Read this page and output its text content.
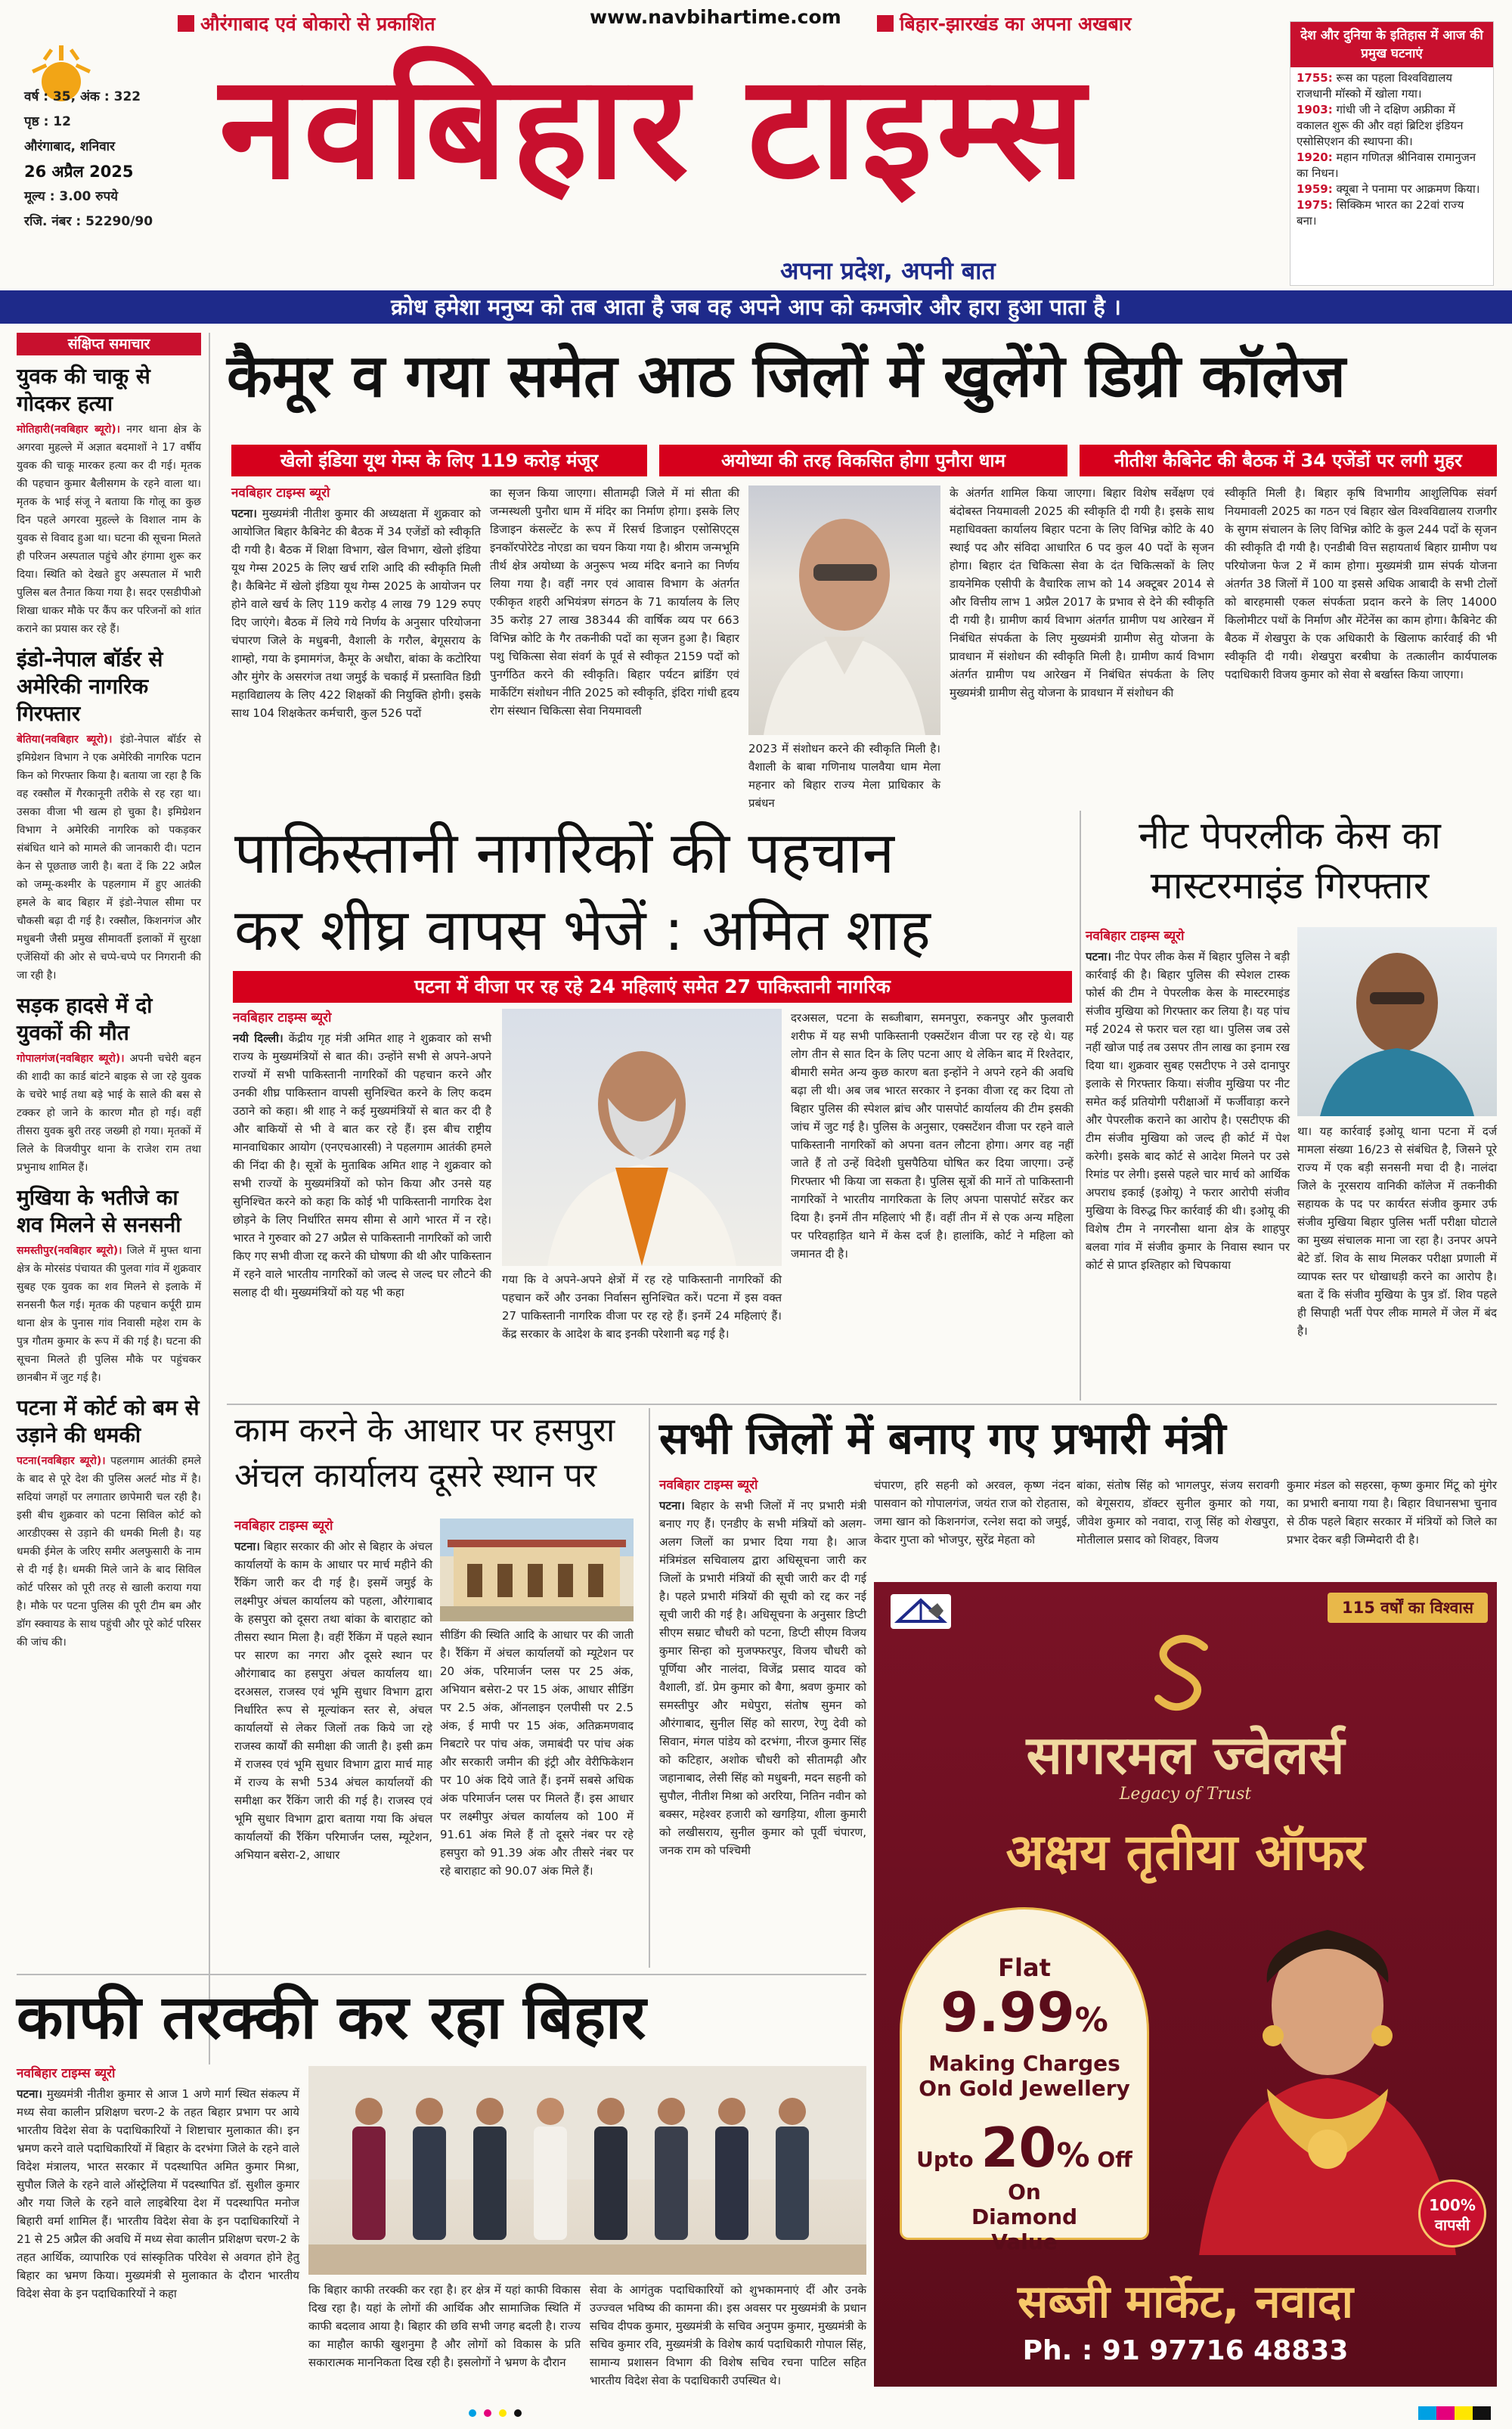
औरंगाबाद एवं बोकारो से प्रकाशित	www.navbihartime.com	बिहार-झारखंड का अपना अखबार
वर्ष : 35, अंक : 322
पृष्ठ : 12
औरंगाबाद, शनिवार
26 अप्रैल 2025
मूल्य : 3.00 रुपये
रजि. नंबर : 52290/90
नवबिहार टाइम्स
अपना प्रदेश, अपनी बात
देश और दुनिया के इतिहास में आज की प्रमुख घटनाएं
1755: रूस का पहला विश्वविद्यालय राजधानी मॉस्को में खोला गया।
1903: गांधी जी ने दक्षिण अफ्रीका में वकालत शुरू की और वहां ब्रिटिश इंडियन एसोसिएशन की स्थापना की।
1920: महान गणितज्ञ श्रीनिवास रामानुजन का निधन।
1959: क्यूबा ने पनामा पर आक्रमण किया।
1975: सिक्किम भारत का 22वां राज्य बना।
क्रोध हमेशा मनुष्य को तब आता है जब वह अपने आप को कमजोर और हारा हुआ पाता है ।
संक्षिप्त समाचार
युवक की चाकू से गोदकर हत्या
मोतिहारी(नवबिहार ब्यूरो)। नगर थाना क्षेत्र के अगरवा मुहल्ले में अज्ञात बदमाशों ने 17 वर्षीय युवक की चाकू मारकर हत्या कर दी गई। मृतक की पहचान कुमार बैलीसगम के रहने वाला था। मृतक के भाई संजू ने बताया कि गोलू का कुछ दिन पहले अगरवा मुहल्ले के विशाल नाम के युवक से विवाद हुआ था। घटना की सूचना मिलते ही परिजन अस्पताल पहुंचे और हंगामा शुरू कर दिया। स्थिति को देखते हुए अस्पताल में भारी पुलिस बल तैनात किया गया है। सदर एसडीपीओ शिखा धाकर मौके पर कैंप कर परिजनों को शांत कराने का प्रयास कर रहे हैं।
इंडो-नेपाल बॉर्डर से अमेरिकी नागरिक गिरफ्तार
बेतिया(नवबिहार ब्यूरो)। इंडो-नेपाल बॉर्डर से इमिग्रेशन विभाग ने एक अमेरिकी नागरिक पटान किन को गिरफ्तार किया है। बताया जा रहा है कि वह रक्सौल में गैरकानूनी तरीके से रह रहा था। उसका वीजा भी खत्म हो चुका है। इमिग्रेशन विभाग ने अमेरिकी नागरिक को पकड़कर संबंधित थाने को मामले की जानकारी दी। पटान केन से पूछताछ जारी है। बता दें कि 22 अप्रैल को जम्मू-कश्मीर के पहलगाम में हुए आतंकी हमले के बाद बिहार में इंडो-नेपाल सीमा पर चौकसी बढ़ा दी गई है। रक्सौल, किशनगंज और मधुबनी जैसी प्रमुख सीमावर्ती इलाकों में सुरक्षा एजेंसियों की ओर से चप्पे-चप्पे पर निगरानी की जा रही है।
सड़क हादसे में दो युवकों की मौत
गोपालगंज(नवबिहार ब्यूरो)। अपनी चचेरी बहन की शादी का कार्ड बांटने बाइक से जा रहे युवक के चचेरे भाई तथा बड़े भाई के साले की बस से टक्कर हो जाने के कारण मौत हो गई। वहीं तीसरा युवक बुरी तरह जख्मी हो गया। मृतकों में लिले के विजयीपुर थाना के राजेश राम तथा प्रभुनाथ शामिल हैं।
मुखिया के भतीजे का शव मिलने से सनसनी
समस्तीपुर(नवबिहार ब्यूरो)। जिले में मुफ्त थाना क्षेत्र के मोरसंड पंचायत की पुलवा गांव में शुक्रवार सुबह एक युवक का शव मिलने से इलाके में सनसनी फैल गई। मृतक की पहचान कर्पूरी ग्राम थाना क्षेत्र के पुनास गांव निवासी महेश राम के पुत्र गौतम कुमार के रूप में की गई है। घटना की सूचना मिलते ही पुलिस मौके पर पहुंचकर छानबीन में जुट गई है।
पटना में कोर्ट को बम से उड़ाने की धमकी
पटना(नवबिहार ब्यूरो)। पहलगाम आतंकी हमले के बाद से पूरे देश की पुलिस अलर्ट मोड में है। सदियां जगहों पर लगातार छापेमारी चल रही है। इसी बीच शुक्रवार को पटना सिविल कोर्ट को आरडीएक्स से उड़ाने की धमकी मिली है। यह धमकी ईमेल के जरिए समीर अलफुसारी के नाम से दी गई है। धमकी मिले जाने के बाद सिविल कोर्ट परिसर को पूरी तरह से खाली कराया गया है। मौके पर पटना पुलिस की पूरी टीम बम और डॉग स्क्वायड के साथ पहुंची और पूरे कोर्ट परिसर की जांच की।
कैमूर व गया समेत आठ जिलों में खुलेंगे डिग्री कॉलेज
खेलो इंडिया यूथ गेम्स के लिए 119 करोड़ मंजूर	अयोध्या की तरह विकसित होगा पुनौरा धाम	नीतीश कैबिनेट की बैठक में 34 एजेंडों पर लगी मुहर
नवबिहार टाइम्स ब्यूरो
पटना। मुख्यमंत्री नीतीश कुमार की अध्यक्षता में शुक्रवार को आयोजित बिहार कैबिनेट की बैठक में 34 एजेंडों को स्वीकृति दी गयी है। बैठक में शिक्षा विभाग, खेल विभाग, खेलो इंडिया यूथ गेम्स 2025 के लिए खर्च राशि आदि की स्वीकृति मिली है। कैबिनेट में खेलो इंडिया यूथ गेम्स 2025 के आयोजन पर होने वाले खर्च के लिए 119 करोड़ 4 लाख 79 129 रुपए दिए जाएंगे। बैठक में लिये गये निर्णय के अनुसार परियोजना चंपारण जिले के मधुबनी, वैशाली के गरौल, बेगूसराय के शाम्हो, गया के इमामगंज, कैमूर के अधौरा, बांका के कटोरिया और मुंगेर के असरगंज तथा जमुई के चकाई में प्रस्तावित डिग्री महाविद्यालय के लिए 422 शिक्षकों की नियुक्ति होगी। इसके साथ 104 शिक्षकेतर कर्मचारी, कुल 526 पदों
का सृजन किया जाएगा। सीतामढ़ी जिले में मां सीता की जन्मस्थली पुनौरा धाम में मंदिर का निर्माण होगा। इसके लिए डिजाइन कंसल्टेंट के रूप में रिसर्च डिजाइन एसोसिएट्स इनकॉरपोरेटेड नोएडा का चयन किया गया है। श्रीराम जन्मभूमि तीर्थ क्षेत्र अयोध्या के अनुरूप भव्य मंदिर बनाने का निर्णय लिया गया है। वहीं नगर एवं आवास विभाग के अंतर्गत एकीकृत शहरी अभियंत्रण संगठन के 71 कार्यालय के लिए 35 करोड़ 27 लाख 38344 की वार्षिक व्यय पर 663 विभिन्न कोटि के गैर तकनीकी पदों का सृजन हुआ है। बिहार पशु चिकित्सा सेवा संवर्ग के पूर्व से स्वीकृत 2159 पदों को पुनर्गठित करने की स्वीकृति। बिहार पर्यटन ब्रांडिंग एवं मार्केटिंग संशोधन नीति 2025 को स्वीकृति, इंदिरा गांधी हृदय रोग संस्थान चिकित्सा सेवा नियमावली
2023 में संशोधन करने की स्वीकृति मिली है। वैशाली के बाबा गणिनाथ पालवैया धाम मेला महनार को बिहार राज्य मेला प्राधिकार के प्रबंधन
के अंतर्गत शामिल किया जाएगा। बिहार विशेष सर्वेक्षण एवं बंदोबस्त नियमावली 2025 की स्वीकृति दी गयी है। इसके साथ महाधिवक्ता कार्यालय बिहार पटना के लिए विभिन्न कोटि के 40 स्थाई पद और संविदा आधारित 6 पद कुल 40 पदों के सृजन होगा। बिहार दंत चिकित्सा सेवा के दंत चिकित्सकों के लिए डायनेमिक एसीपी के वैचारिक लाभ को 14 अक्टूबर 2014 से और वित्तीय लाभ 1 अप्रैल 2017 के प्रभाव से देने की स्वीकृति दी गयी है। ग्रामीण कार्य विभाग अंतर्गत ग्रामीण पथ आरेखन में निबंधित संपर्कता के लिए मुख्यमंत्री ग्रामीण सेतु योजना के प्रावधान में संशोधन की स्वीकृति मिली है। ग्रामीण कार्य विभाग अंतर्गत ग्रामीण पथ आरेखन में निबंधित संपर्कता के लिए मुख्यमंत्री ग्रामीण सेतु योजना के प्रावधान में संशोधन की
स्वीकृति मिली है। बिहार कृषि विभागीय आशुलिपिक संवर्ग नियमावली 2025 का गठन एवं बिहार खेल विश्वविद्यालय राजगीर के सुगम संचालन के लिए विभिन्न कोटि के कुल 244 पदों के सृजन की स्वीकृति दी गयी है। एनडीबी वित्त सहायतार्थ बिहार ग्रामीण पथ परियोजना फेज 2 में काम होगा। मुख्यमंत्री ग्राम संपर्क योजना अंतर्गत 38 जिलों में 100 या इससे अधिक आबादी के सभी टोलों को बारहमासी एकल संपर्कता प्रदान करने के लिए 14000 किलोमीटर पथों के निर्माण और मेंटेनेंस का काम होगा। कैबिनेट की बैठक में शेखपुरा के एक अधिकारी के खिलाफ कार्रवाई की भी स्वीकृति दी गयी। शेखपुरा बरबीघा के तत्कालीन कार्यपालक पदाधिकारी विजय कुमार को सेवा से बर्खास्त किया जाएगा।
पाकिस्तानी नागरिकों की पहचान
कर शीघ्र वापस भेजें : अमित शाह
पटना में वीजा पर रह रहे 24 महिलाएं समेत 27 पाकिस्तानी नागरिक
नवबिहार टाइम्स ब्यूरो
नयी दिल्ली। केंद्रीय गृह मंत्री अमित शाह ने शुक्रवार को सभी राज्य के मुख्यमंत्रियों से बात की। उन्होंने सभी से अपने-अपने राज्यों में सभी पाकिस्तानी नागरिकों की पहचान करने और उनकी शीघ्र पाकिस्तान वापसी सुनिश्चित करने के लिए कदम उठाने को कहा। श्री शाह ने कई मुख्यमंत्रियों से बात कर दी है और बाकियों से भी वे बात कर रहे हैं। इस बीच राष्ट्रीय मानवाधिकार आयोग (एनएचआरसी) ने पहलगाम आतंकी हमले की निंदा की है। सूत्रों के मुताबिक अमित शाह ने शुक्रवार को सभी राज्यों के मुख्यमंत्रियों को फोन किया और उनसे यह सुनिश्चित करने को कहा कि कोई भी पाकिस्तानी नागरिक देश छोड़ने के लिए निर्धारित समय सीमा से आगे भारत में न रहे। भारत ने गुरुवार को 27 अप्रैल से पाकिस्तानी नागरिकों को जारी किए गए सभी वीजा रद्द करने की घोषणा की थी और पाकिस्तान में रहने वाले भारतीय नागरिकों को जल्द से जल्द घर लौटने की सलाह दी थी। मुख्यमंत्रियों को यह भी कहा
गया कि वे अपने-अपने क्षेत्रों में रह रहे पाकिस्तानी नागरिकों की पहचान करें और उनका निर्वासन सुनिश्चित करें। पटना में इस वक्त 27 पाकिस्तानी नागरिक वीजा पर रह रहे हैं। इनमें 24 महिलाएं हैं। केंद्र सरकार के आदेश के बाद इनकी परेशानी बढ़ गई है।
दरअसल, पटना के सब्जीबाग, समनपुरा, रुकनपुर और फुलवारी शरीफ में यह सभी पाकिस्तानी एक्सटेंशन वीजा पर रह रहे थे। यह लोग तीन से सात दिन के लिए पटना आए थे लेकिन बाद में रिश्तेदार, बीमारी समेत अन्य कुछ कारण बता इन्होंने ने अपने रहने की अवधि बढ़ा ली थी। अब जब भारत सरकार ने इनका वीजा रद्द कर दिया तो बिहार पुलिस की स्पेशल ब्रांच और पासपोर्ट कार्यालय की टीम इसकी जांच में जुट गई है। पुलिस के अनुसार, एक्सटेंशन वीजा पर रहने वाले पाकिस्तानी नागरिकों को अपना वतन लौटना होगा। अगर वह नहीं जाते हैं तो उन्हें विदेशी घुसपैठिया घोषित कर दिया जाएगा। उन्हें गिरफ्तार भी किया जा सकता है। पुलिस सूत्रों की मानें तो पाकिस्तानी नागरिकों ने भारतीय नागरिकता के लिए अपना पासपोर्ट सरेंडर कर दिया है। इनमें तीन महिलाएं भी हैं। वहीं तीन में से एक अन्य महिला पर परिवहाड़ित थाने में केस दर्ज है। हालांकि, कोर्ट ने महिला को जमानत दी है।
नीट पेपरलीक केस का मास्टरमाइंड गिरफ्तार
नवबिहार टाइम्स ब्यूरो
पटना। नीट पेपर लीक केस में बिहार पुलिस ने बड़ी कार्रवाई की है। बिहार पुलिस की स्पेशल टास्क फोर्स की टीम ने पेपरलीक केस के मास्टरमाइंड संजीव मुखिया को गिरफ्तार कर लिया है। यह पांच मई 2024 से फरार चल रहा था। पुलिस जब उसे नहीं खोज पाई तब उसपर तीन लाख का इनाम रख दिया था। शुक्रवार सुबह एसटीएफ ने उसे दानापुर इलाके से गिरफ्तार किया। संजीव मुखिया पर नीट समेत कई प्रतियोगी परीक्षाओं में फर्जीवाड़ा करने और पेपरलीक कराने का आरोप है। एसटीएफ की टीम संजीव मुखिया को जल्द ही कोर्ट में पेश करेगी। इसके बाद कोर्ट से आदेश मिलने पर उसे रिमांड पर लेगी। इससे पहले चार मार्च को आर्थिक अपराध इकाई (इओयू) ने फरार आरोपी संजीव मुखिया के विरुद्ध फिर कार्रवाई की थी। इओयू की विशेष टीम ने नगरनौसा थाना क्षेत्र के शाहपुर बलवा गांव में संजीव कुमार के निवास स्थान पर कोर्ट से प्राप्त इश्तिहार को चिपकाया
था। यह कार्रवाई इओयू थाना पटना में दर्ज मामला संख्या 16/23 से संबंधित है, जिसने पूरे राज्य में एक बड़ी सनसनी मचा दी है। नालंदा जिले के नूरसराय वानिकी कॉलेज में तकनीकी सहायक के पद पर कार्यरत संजीव कुमार उर्फ संजीव मुखिया बिहार पुलिस भर्ती परीक्षा घोटाले का मुख्य संचालक माना जा रहा है। उनपर अपने बेटे डॉ. शिव के साथ मिलकर परीक्षा प्रणाली में व्यापक स्तर पर धोखाधड़ी करने का आरोप है। बता दें कि संजीव मुखिया के पुत्र डॉ. शिव पहले ही सिपाही भर्ती पेपर लीक मामले में जेल में बंद है।
काम करने के आधार पर हसपुरा अंचल कार्यालय दूसरे स्थान पर
नवबिहार टाइम्स ब्यूरो
पटना। बिहार सरकार की ओर से बिहार के अंचल कार्यालयों के काम के आधार पर मार्च महीने की रैंकिंग जारी कर दी गई है। इसमें जमुई के लक्ष्मीपुर अंचल कार्यालय को पहला, औरंगाबाद के हसपुरा को दूसरा तथा बांका के बाराहाट को तीसरा स्थान मिला है। वहीं रैंकिंग में पहले स्थान पर सारण का नगरा और दूसरे स्थान पर औरंगाबाद का हसपुरा अंचल कार्यालय था। दरअसल, राजस्व एवं भूमि सुधार विभाग द्वारा निर्धारित रूप से मूल्यांकन स्तर से, अंचल कार्यालयों से लेकर जिलों तक किये जा रहे राजस्व कार्यों की समीक्षा की जाती है। इसी क्रम में राजस्व एवं भूमि सुधार विभाग द्वारा मार्च माह में राज्य के सभी 534 अंचल कार्यालयों की समीक्षा कर रैंकिंग जारी की गई है। राजस्व एवं भूमि सुधार विभाग द्वारा बताया गया कि अंचल कार्यालयों की रैंकिंग परिमार्जन प्लस, म्यूटेशन, अभियान बसेरा-2, आधार
सीडिंग की स्थिति आदि के आधार पर की जाती है। रैंकिंग में अंचल कार्यालयों को म्यूटेशन पर 20 अंक, परिमार्जन प्लस पर 25 अंक, अभियान बसेरा-2 पर 15 अंक, आधार सीडिंग पर 2.5 अंक, ऑनलाइन एलपीसी पर 2.5 अंक, ई मापी पर 15 अंक, अतिक्रमणवाद निबटारे पर पांच अंक, जमाबंदी पर पांच अंक और सरकारी जमीन की इंट्री और वेरीफिकेशन पर 10 अंक दिये जाते हैं। इनमें सबसे अधिक अंक परिमार्जन प्लस पर मिलते हैं। इस आधार पर लक्ष्मीपुर अंचल कार्यालय को 100 में 91.61 अंक मिले हैं तो दूसरे नंबर पर रहे हसपुरा को 91.39 अंक और तीसरे नंबर पर रहे बाराहाट को 90.07 अंक मिले हैं।
सभी जिलों में बनाए गए प्रभारी मंत्री
नवबिहार टाइम्स ब्यूरो
पटना। बिहार के सभी जिलों में नए प्रभारी मंत्री बनाए गए हैं। एनडीए के सभी मंत्रियों को अलग-अलग जिलों का प्रभार दिया गया है। आज मंत्रिमंडल सचिवालय द्वारा अधिसूचना जारी कर जिलों के प्रभारी मंत्रियों की सूची जारी कर दी गई है। पहले प्रभारी मंत्रियों की सूची को रद्द कर नई सूची जारी की गई है। अधिसूचना के अनुसार डिप्टी सीएम सम्राट चौधरी को पटना, डिप्टी सीएम विजय कुमार सिन्हा को मुजफ्फरपुर, विजय चौधरी को पूर्णिया और नालंदा, विजेंद्र प्रसाद यादव को वैशाली, डॉ. प्रेम कुमार को बैगा, श्रवण कुमार को समस्तीपुर और मधेपुरा, संतोष सुमन को औरंगाबाद, सुनील सिंह को सारण, रेणु देवी को सिवान, मंगल पांडेय को दरभंगा, नीरज कुमार सिंह को कटिहार, अशोक चौधरी को सीतामढ़ी और जहानाबाद, लेसी सिंह को मधुबनी, मदन सहनी को सुपौल, नीतीश मिश्रा को अररिया, नितिन नवीन को बक्सर, महेश्वर हजारी को खगड़िया, शीला कुमारी को लखीसराय, सुनील कुमार को पूर्वी चंपारण, जनक राम को पश्चिमी
चंपारण, हरि सहनी को अरवल, कृष्ण नंदन पासवान को गोपालगंज, जयंत राज को रोहतास, जमा खान को किशनगंज, रत्नेश सदा को जमुई, केदार गुप्ता को भोजपुर, सुरेंद्र मेहता को
बांका, संतोष सिंह को भागलपुर, संजय सरावगी को बेगूसराय, डॉक्टर सुनील कुमार को गया, जीवेश कुमार को नवादा, राजू सिंह को शेखपुरा, मोतीलाल प्रसाद को शिवहर, विजय
कुमार मंडल को सहरसा, कृष्ण कुमार मिंटू को मुंगेर का प्रभारी बनाया गया है। बिहार विधानसभा चुनाव से ठीक पहले बिहार सरकार में मंत्रियों को जिले का प्रभार देकर बड़ी जिम्मेदारी दी है।
115 वर्षों का विश्वास
सागरमल ज्वेलर्स
Legacy of Trust
अक्षय तृतीया ऑफर
Flat
9.99%
Making Charges
On Gold Jewellery
Upto 20% Off
On
Diamond
Value
100%
वापसी
सब्जी मार्केट, नवादा
Ph. : 91 97716 48833
काफी तरक्की कर रहा बिहार
नवबिहार टाइम्स ब्यूरो
पटना। मुख्यमंत्री नीतीश कुमार से आज 1 अणे मार्ग स्थित संकल्प में मध्य सेवा कालीन प्रशिक्षण चरण-2 के तहत बिहार प्रभाग पर आये भारतीय विदेश सेवा के पदाधिकारियों ने शिष्टाचार मुलाकात की। इन भ्रमण करने वाले पदाधिकारियों में बिहार के दरभंगा जिले के रहने वाले विदेश मंत्रालय, भारत सरकार में पदस्थापित अमित कुमार मिश्रा, सुपौल जिले के रहने वाले ऑस्ट्रेलिया में पदस्थापित डॉ. सुशील कुमार और गया जिले के रहने वाले लाइबेरिया देश में पदस्थापित मनोज बिहारी वर्मा शामिल हैं। भारतीय विदेश सेवा के इन पदाधिकारियों ने 21 से 25 अप्रैल की अवधि में मध्य सेवा कालीन प्रशिक्षण चरण-2 के तहत आर्थिक, व्यापारिक एवं सांस्कृतिक परिवेश से अवगत होने हेतु बिहार का भ्रमण किया। मुख्यमंत्री से मुलाकात के दौरान भारतीय विदेश सेवा के इन पदाधिकारियों ने कहा	कि बिहार काफी तरक्की कर रहा है। हर क्षेत्र में यहां काफी विकास दिख रहा है। यहां के लोगों की आर्थिक और सामाजिक स्थिति में काफी बदलाव आया है। बिहार की छवि सभी जगह बदली है। राज्य का माहौल काफी खुशनुमा है और लोगों को विकास के प्रति सकारात्मक माननिकता दिख रही है। इसलोगों ने भ्रमण के दौरान
सेवा के आगंतुक पदाधिकारियों को शुभकामनाएं दीं और उनके उज्ज्वल भविष्य की कामना की। इस अवसर पर मुख्यमंत्री के प्रधान सचिव दीपक कुमार, मुख्यमंत्री के सचिव अनुपम कुमार, मुख्यमंत्री के सचिव कुमार रवि, मुख्यमंत्री के विशेष कार्य पदाधिकारी गोपाल सिंह, सामान्य प्रशासन विभाग की विशेष सचिव रचना पाटिल सहित भारतीय विदेश सेवा के पदाधिकारी उपस्थित थे।
